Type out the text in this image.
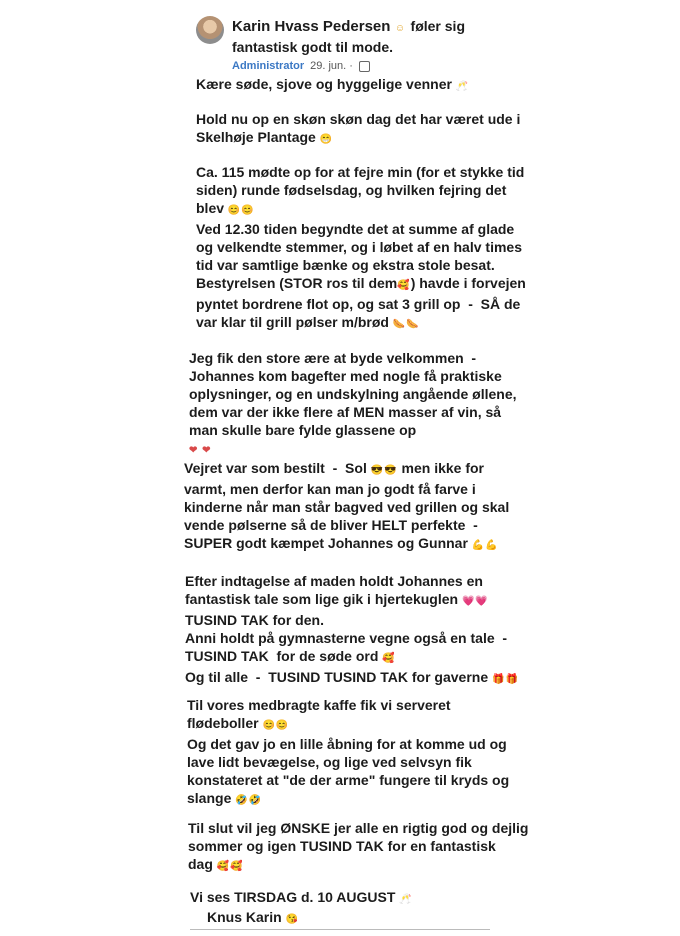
Karin Hvass Pedersen ☺ føler sig
fantastisk godt til mode.
Administrator 29. jun. ·
Kære søde, sjove og hyggelige venner 🥂
Hold nu op en skøn skøn dag det har været ude i
Skelhøje Plantage 😁
Ca. 115 mødte op for at fejre min (for et stykke tid
siden) runde fødselsdag, og hvilken fejring det
blev 😊😊
Ved 12.30 tiden begyndte det at summe af glade
og velkendte stemmer, og i løbet af en halv times
tid var samtlige bænke og ekstra stole besat.
Bestyrelsen (STOR ros til dem🥰) havde i forvejen
pyntet bordrene flot op, og sat 3 grill op  -  SÅ de
var klar til grill pølser m/brød 🌭🌭
Jeg fik den store ære at byde velkommen  -
Johannes kom bagefter med nogle få praktiske
oplysninger, og en undskylning angående øllene,
dem var der ikke flere af MEN masser af vin, så
man skulle bare fylde glassene op
❤ ❤
Vejret var som bestilt  -  Sol 😎😎 men ikke for
varmt, men derfor kan man jo godt få farve i
kinderne når man står bagved ved grillen og skal
vende pølserne så de bliver HELT perfekte  -
SUPER godt kæmpet Johannes og Gunnar 💪💪
Efter indtagelse af maden holdt Johannes en
fantastisk tale som lige gik i hjertekuglen 💗💗
TUSIND TAK for den.
Anni holdt på gymnasterne vegne også en tale  -
TUSIND TAK  for de søde ord 🥰
Og til alle  -  TUSIND TUSIND TAK for gaverne 🎁🎁
Til vores medbragte kaffe fik vi serveret
flødeboller 😊😊
Og det gav jo en lille åbning for at komme ud og
lave lidt bevægelse, og lige ved selvsyn fik
konstateret at "de der arme" fungere til kryds og
slange 🤣🤣
Til slut vil jeg ØNSKE jer alle en rigtig god og dejlig
sommer og igen TUSIND TAK for en fantastisk
dag 🥰🥰
Vi ses TIRSDAG d. 10 AUGUST 🥂
Knus Karin 😘
